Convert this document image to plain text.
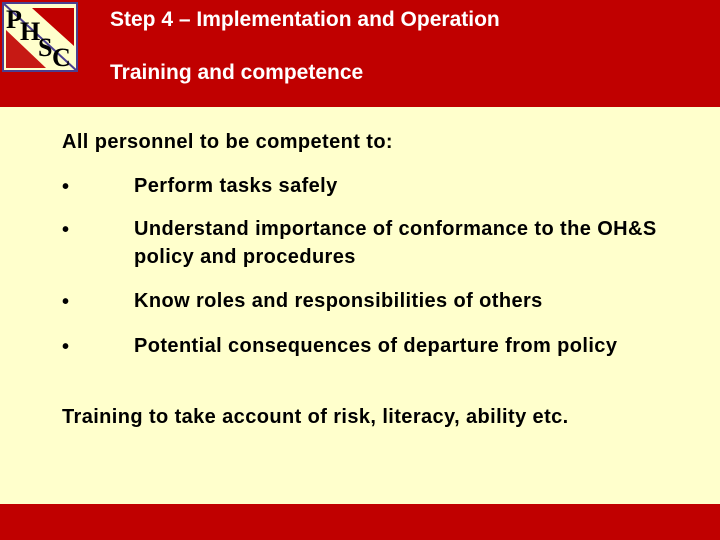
P
H
S C
Step 4 – Implementation and Operation
Training and competence
All personnel to be competent to:
•	Perform tasks safely
•	Understand importance of conformance to the OH&S policy and procedures
•	Know roles and responsibilities of others
•	Potential consequences of departure from policy
Training to take account of risk, literacy, ability etc.
